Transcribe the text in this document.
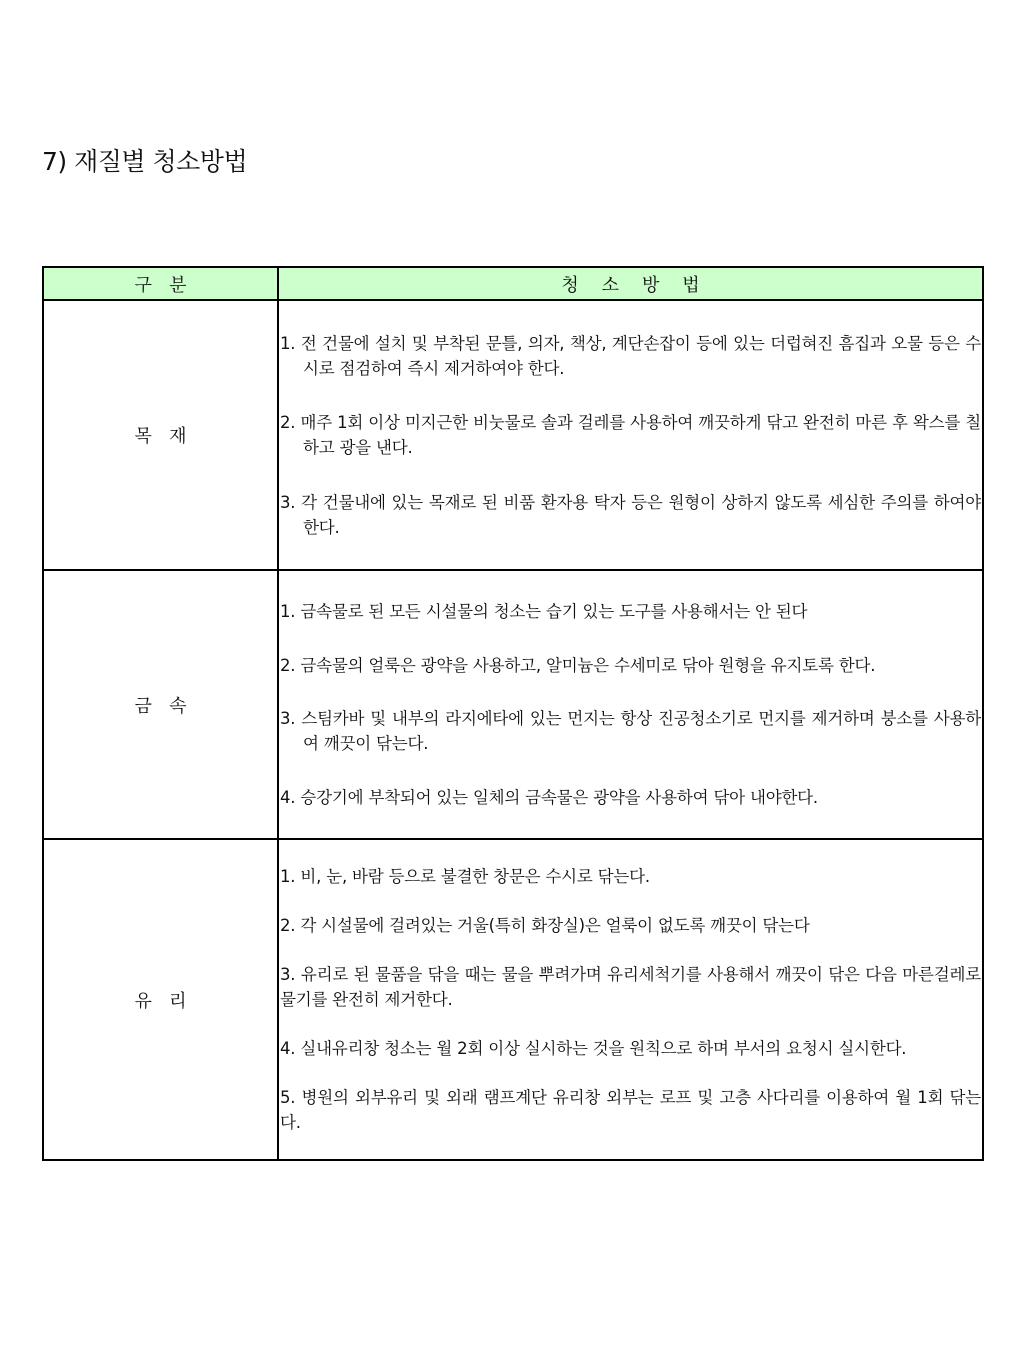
7) 재질별 청소방법
구   분	청    소    방    법
목   재	1. 전 건물에 설치 및 부착된 문틀, 의자, 책상, 계단손잡이 등에 있는 더럽혀진 흠집과 오물 등은 수시로 점검하여 즉시 제거하여야 한다.
2. 매주 1회 이상 미지근한 비눗물로 솔과 걸레를 사용하여 깨끗하게 닦고 완전히 마른 후 왁스를 칠하고 광을 낸다.
3. 각 건물내에 있는 목재로 된 비품 환자용 탁자 등은 원형이 상하지 않도록 세심한 주의를 하여야 한다.

금   속	1. 금속물로 된 모든 시설물의 청소는 습기 있는 도구를 사용해서는 안 된다
2. 금속물의 얼룩은 광약을 사용하고, 알미늄은 수세미로 닦아 원형을 유지토록 한다.
3. 스팀카바 및 내부의 라지에타에 있는 먼지는 항상 진공청소기로 먼지를 제거하며 붕소를 사용하여 깨끗이 닦는다.
4. 승강기에 부착되어 있는 일체의 금속물은 광약을 사용하여 닦아 내야한다.

유   리	1. 비, 눈, 바람 등으로 불결한 창문은 수시로 닦는다.
2. 각 시설물에 걸려있는 거울(특히 화장실)은 얼룩이 없도록 깨끗이 닦는다
3. 유리로 된 물품을 닦을 때는 물을 뿌려가며 유리세척기를 사용해서 깨끗이 닦은 다음 마른걸레로 물기를 완전히 제거한다.
4. 실내유리창 청소는 월 2회 이상 실시하는 것을 원칙으로 하며 부서의 요청시 실시한다.
5. 병원의 외부유리 및 외래 램프계단 유리창 외부는 로프 및 고층 사다리를 이용하여 월 1회 닦는다.
